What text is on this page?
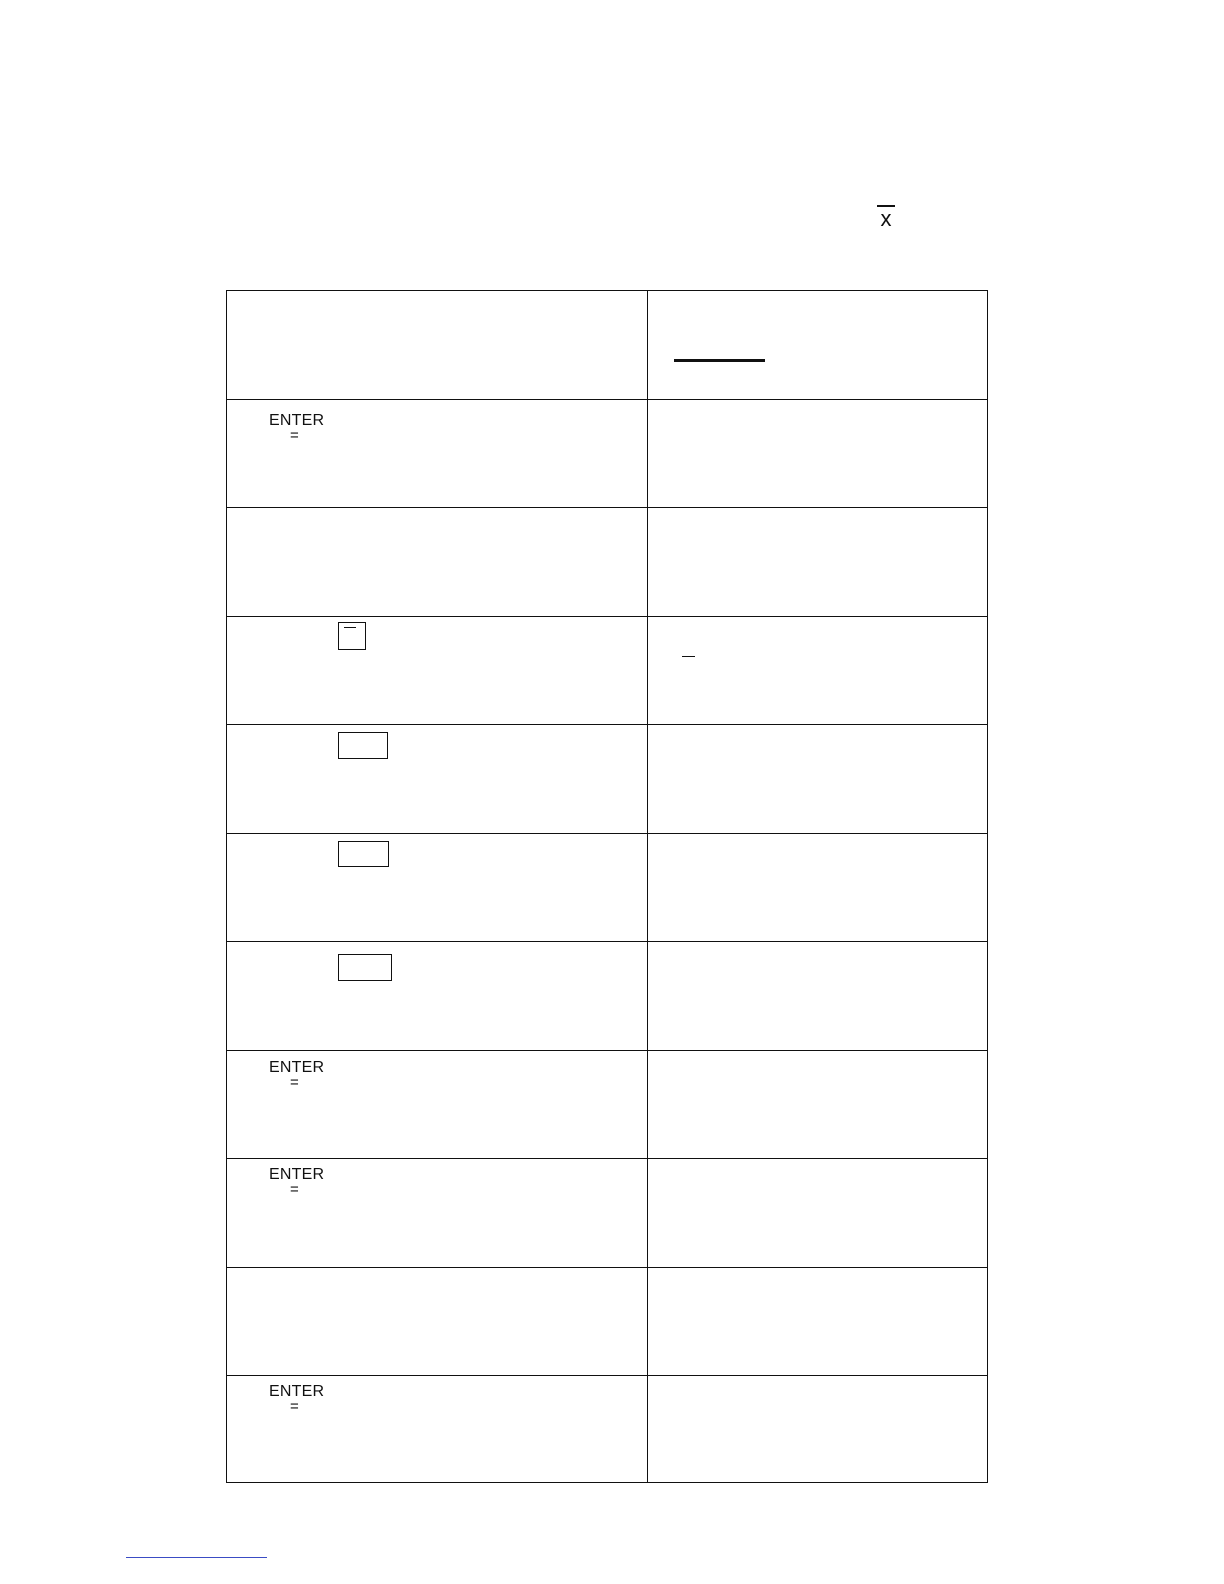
x
ENTER
=
ENTER
=
ENTER
=
ENTER
=
